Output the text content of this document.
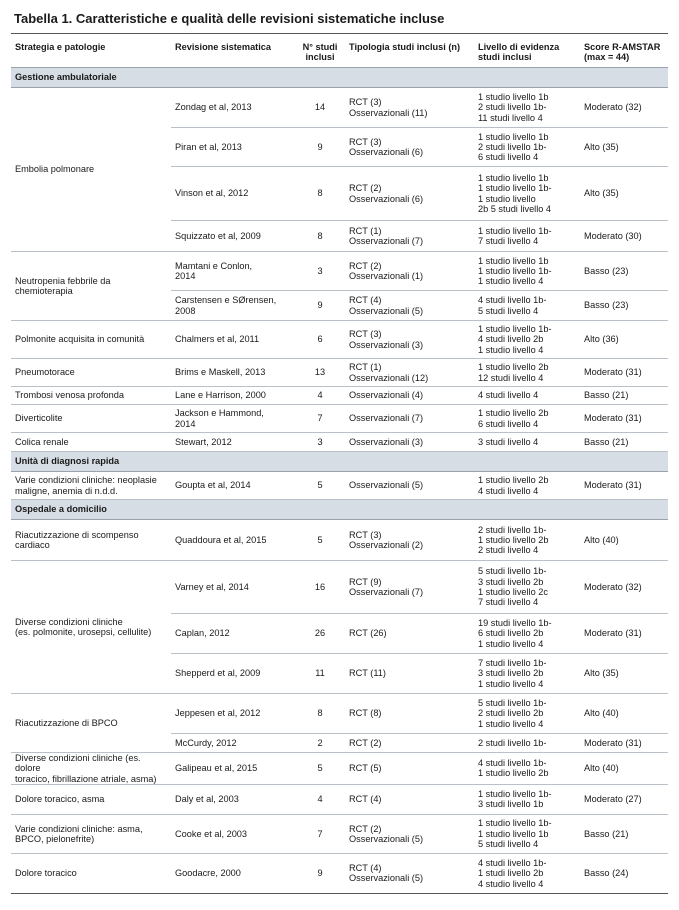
Tabella 1. Caratteristiche e qualità delle revisioni sistematiche incluse
Strategia e patologie	Revisione sistematica	N° studi
inclusi	Tipologia studi inclusi (n)	Livello di evidenza
studi inclusi	Score R-AMSTAR
(max = 44)
Gestione ambulatoriale					
Embolia polmonare	Zondag et al, 2013	14	RCT (3)
Osservazionali (11)	1 studio livello 1b
2 studi livello 1b-
11 studi livello 4	Moderato (32)
	Piran et al, 2013	9	RCT (3)
Osservazionali (6)	1 studio livello 1b
2 studi livello 1b-
6 studi livello 4	Alto (35)
	Vinson et al, 2012	8	RCT (2)
Osservazionali (6)	1 studio livello 1b
1 studio livello 1b-
1 studio livello
2b 5 studi livello 4	Alto (35)
	Squizzato et al, 2009	8	RCT (1)
Osservazionali (7)	1 studio livello 1b-
7 studi livello 4	Moderato (30)
Neutropenia febbrile da
chemioterapia	Mamtani e Conlon,
2014	3	RCT (2)
Osservazionali (1)	1 studio livello 1b
1 studio livello 1b-
1 studio livello 4	Basso (23)
	Carstensen e SØrensen,
2008	9	RCT (4)
Osservazionali (5)	4 studi livello 1b-
5 studi livello 4	Basso (23)
Polmonite acquisita in comunità	Chalmers et al, 2011	6	RCT (3)
Osservazionali (3)	1 studio livello 1b-
4 studi livello 2b
1 studio livello 4	Alto (36)
Pneumotorace	Brims e Maskell, 2013	13	RCT (1)
Osservazionali (12)	1 studio livello 2b
12 studi livello 4	Moderato (31)
Trombosi venosa profonda	Lane e Harrison, 2000	4	Osservazionali (4)	4 studi livello 4	Basso (21)
Diverticolite	Jackson e Hammond,
2014	7	Osservazionali (7)	1 studio livello 2b
6 studi livello 4	Moderato (31)
Colica renale	Stewart, 2012	3	Osservazionali (3)	3 studi livello 4	Basso (21)
Unità di diagnosi rapida					
Varie condizioni cliniche: neoplasie
maligne, anemia di n.d.d.	Goupta et al, 2014	5	Osservazionali (5)	1 studio livello 2b
4 studi livello 4	Moderato (31)
Ospedale a domicilio					
Riacutizzazione di scompenso
cardiaco	Quaddoura et al, 2015	5	RCT (3)
Osservazionali (2)	2 studi livello 1b-
1 studio livello 2b
2 studi livello 4	Alto (40)
Diverse condizioni cliniche
(es. polmonite, urosepsi, cellulite)	Varney et al, 2014	16	RCT (9)
Osservazionali (7)	5 studi livello 1b-
3 studi livello 2b
1 studio livello 2c
7 studi livello 4	Moderato (32)
	Caplan, 2012	26	RCT (26)	19 studi livello 1b-
6 studi livello 2b
1 studio livello 4	Moderato (31)
	Shepperd et al, 2009	11	RCT (11)	7 studi livello 1b-
3 studi livello 2b
1 studio livello 4	Alto (35)
Riacutizzazione di BPCO	Jeppesen et al, 2012	8	RCT (8)	5 studi livello 1b-
2 studi livello 2b
1 studio livello 4	Alto (40)
	McCurdy, 2012	2	RCT (2)	2 studi livello 1b-	Moderato (31)
Diverse condizioni cliniche (es. dolore
toracico, fibrillazione atriale, asma)	Galipeau et al, 2015	5	RCT (5)	4 studi livello 1b-
1 studio livello 2b	Alto (40)
Dolore toracico, asma	Daly et al, 2003	4	RCT (4)	1 studio livello 1b-
3 studi livello 1b	Moderato (27)
Varie condizioni cliniche: asma,
BPCO, pielonefrite)	Cooke et al, 2003	7	RCT (2)
Osservazionali (5)	1 studio livello 1b-
1 studio livello 1b
5 studi livello 4	Basso (21)
Dolore toracico	Goodacre, 2000	9	RCT (4)
Osservazionali (5)	4 studi livello 1b-
1 studi livello 2b
4 studio livello 4	Basso (24)
